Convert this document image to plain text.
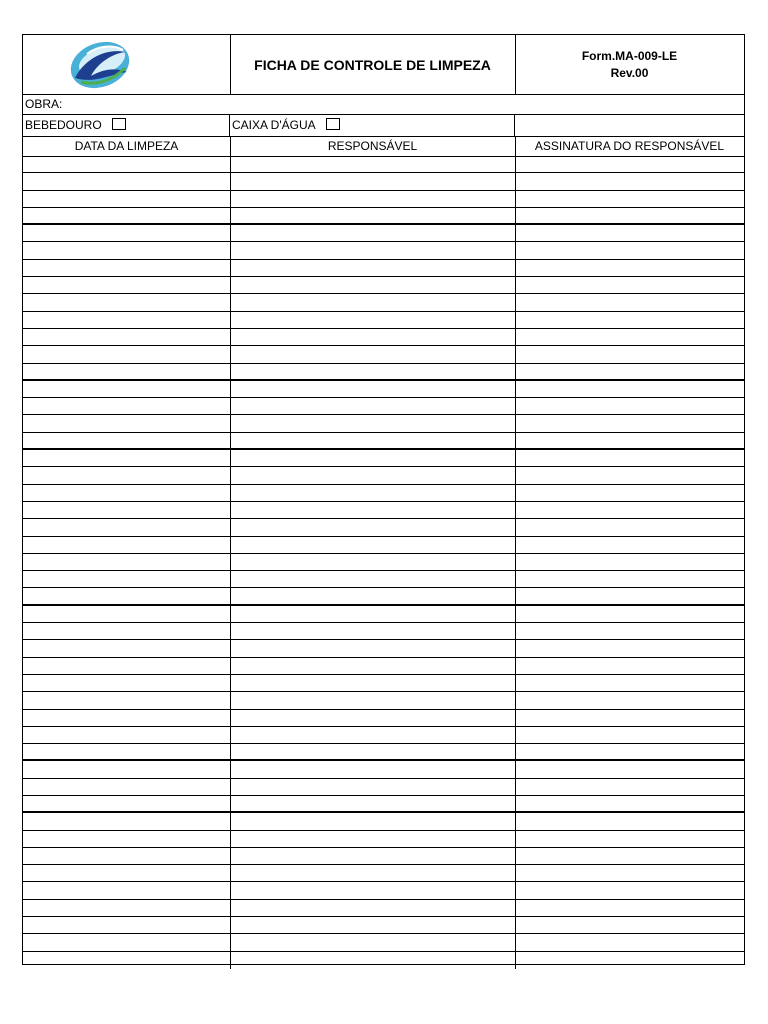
FICHA DE CONTROLE DE LIMPEZA
Form.MA-009-LE
Rev.00
OBRA:
BEBEDOURO	CAIXA D'ÁGUA
DATA DA LIMPEZA	RESPONSÁVEL	ASSINATURA DO RESPONSÁVEL
